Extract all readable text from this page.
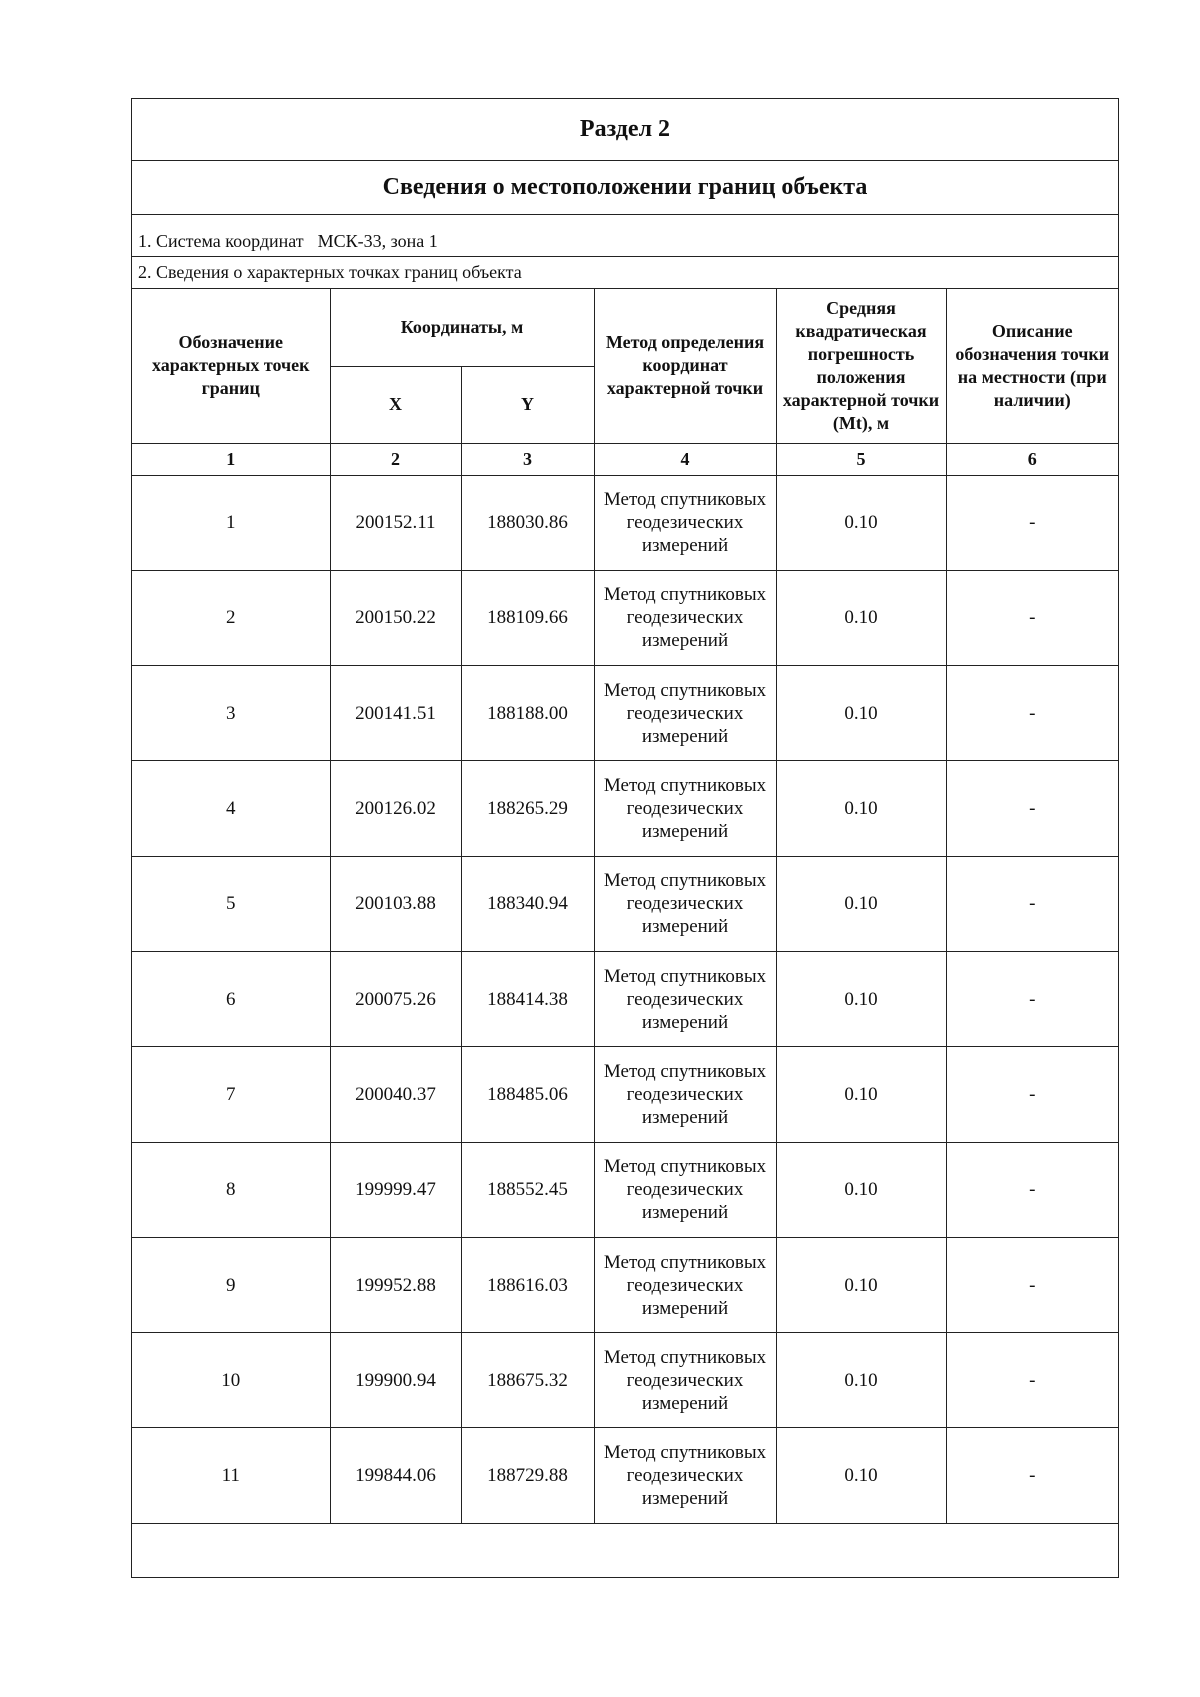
Раздел 2
Сведения о местоположении границ объекта
1. Система координат МСК-33, зона 1
2. Сведения о характерных точках границ объекта
Обозначение характерных точек границ	Координаты, м		Метод определения координат характерной точки	Средняя квадратическая погрешность положения характерной точки (Mt), м	Описание обозначения точки на местности (при наличии)
	X	Y			
1	2	3	4	5	6
1	200152.11	188030.86	Метод спутниковых геодезических измерений	0.10	-
2	200150.22	188109.66	Метод спутниковых геодезических измерений	0.10	-
3	200141.51	188188.00	Метод спутниковых геодезических измерений	0.10	-
4	200126.02	188265.29	Метод спутниковых геодезических измерений	0.10	-
5	200103.88	188340.94	Метод спутниковых геодезических измерений	0.10	-
6	200075.26	188414.38	Метод спутниковых геодезических измерений	0.10	-
7	200040.37	188485.06	Метод спутниковых геодезических измерений	0.10	-
8	199999.47	188552.45	Метод спутниковых геодезических измерений	0.10	-
9	199952.88	188616.03	Метод спутниковых геодезических измерений	0.10	-
10	199900.94	188675.32	Метод спутниковых геодезических измерений	0.10	-
11	199844.06	188729.88	Метод спутниковых геодезических измерений	0.10	-
